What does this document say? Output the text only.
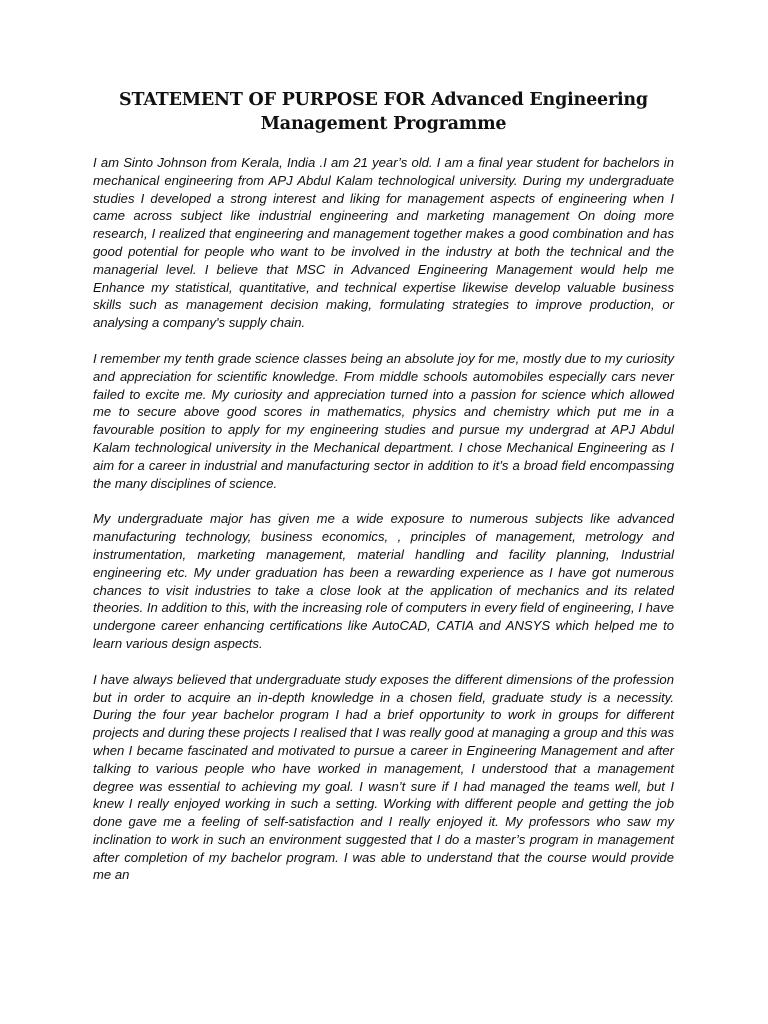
STATEMENT OF PURPOSE FOR Advanced Engineering
Management Programme

I am Sinto Johnson from Kerala, India .I am 21 year’s old. I am a final year student for bachelors in mechanical engineering from APJ Abdul Kalam technological university. During my undergraduate studies I developed a strong interest and liking for management aspects of engineering when I came across subject like industrial engineering and marketing management On doing more research, I realized that engineering and management together makes a good combination and has good potential for people who want to be involved in the industry at both the technical and the managerial level. I believe that MSC in Advanced Engineering Management would help me Enhance my statistical, quantitative, and technical expertise likewise develop valuable business skills such as management decision making, formulating strategies to improve production, or analysing a company's supply chain.

I remember my tenth grade science classes being an absolute joy for me, mostly due to my curiosity and appreciation for scientific knowledge. From middle schools automobiles especially cars never failed to excite me. My curiosity and appreciation turned into a passion for science which allowed me to secure above good scores in mathematics, physics and chemistry which put me in a favourable position to apply for my engineering studies and pursue my undergrad at APJ Abdul Kalam technological university in the Mechanical department. I chose Mechanical Engineering as I aim for a career in industrial and manufacturing sector in addition to it’s a broad field encompassing the many disciplines of science.

My undergraduate major has given me a wide exposure to numerous subjects like advanced manufacturing technology, business economics, , principles of management, metrology and instrumentation, marketing management, material handling and facility planning, Industrial engineering etc. My under graduation has been a rewarding experience as I have got numerous chances to visit industries to take a close look at the application of mechanics and its related theories. In addition to this, with the increasing role of computers in every field of engineering, I have undergone career enhancing certifications like AutoCAD, CATIA and ANSYS which helped me to learn various design aspects.

I have always believed that undergraduate study exposes the different dimensions of the profession but in order to acquire an in-depth knowledge in a chosen field, graduate study is a necessity. During the four year bachelor program I had a brief opportunity to work in groups for different projects and during these projects I realised that I was really good at managing a group and this was when I became fascinated and motivated to pursue a career in Engineering Management and after talking to various people who have worked in management, I understood that a management degree was essential to achieving my goal. I wasn’t sure if I had managed the teams well, but I knew I really enjoyed working in such a setting. Working with different people and getting the job done gave me a feeling of self-satisfaction and I really enjoyed it. My professors who saw my inclination to work in such an environment suggested that I do a master’s program in management after completion of my bachelor program. I was able to understand that the course would provide me an
